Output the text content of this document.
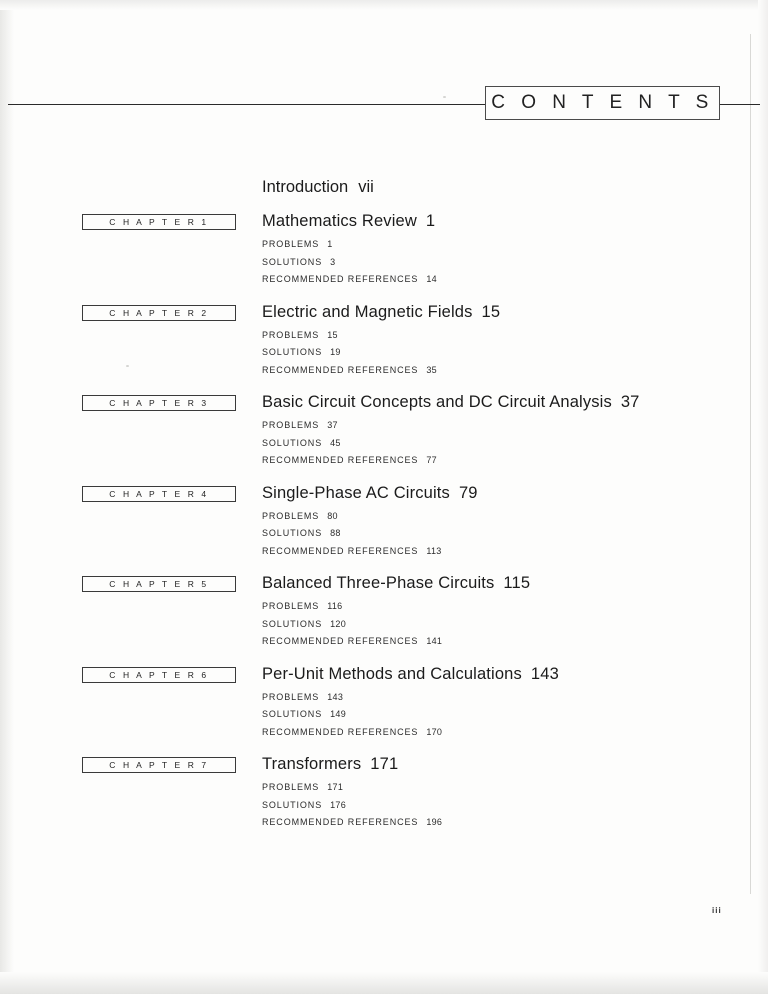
C O N T E N T S
Introduction vii
C H A P T E R 1	Mathematics Review 1
PROBLEMS 1
SOLUTIONS 3
RECOMMENDED REFERENCES 14
C H A P T E R 2	Electric and Magnetic Fields 15
PROBLEMS 15
SOLUTIONS 19
RECOMMENDED REFERENCES 35
C H A P T E R 3	Basic Circuit Concepts and DC Circuit Analysis 37
PROBLEMS 37
SOLUTIONS 45
RECOMMENDED REFERENCES 77
C H A P T E R 4	Single-Phase AC Circuits 79
PROBLEMS 80
SOLUTIONS 88
RECOMMENDED REFERENCES 113
C H A P T E R 5	Balanced Three-Phase Circuits 115
PROBLEMS 116
SOLUTIONS 120
RECOMMENDED REFERENCES 141
C H A P T E R 6	Per-Unit Methods and Calculations 143
PROBLEMS 143
SOLUTIONS 149
RECOMMENDED REFERENCES 170
C H A P T E R 7	Transformers 171
PROBLEMS 171
SOLUTIONS 176
RECOMMENDED REFERENCES 196
iii
